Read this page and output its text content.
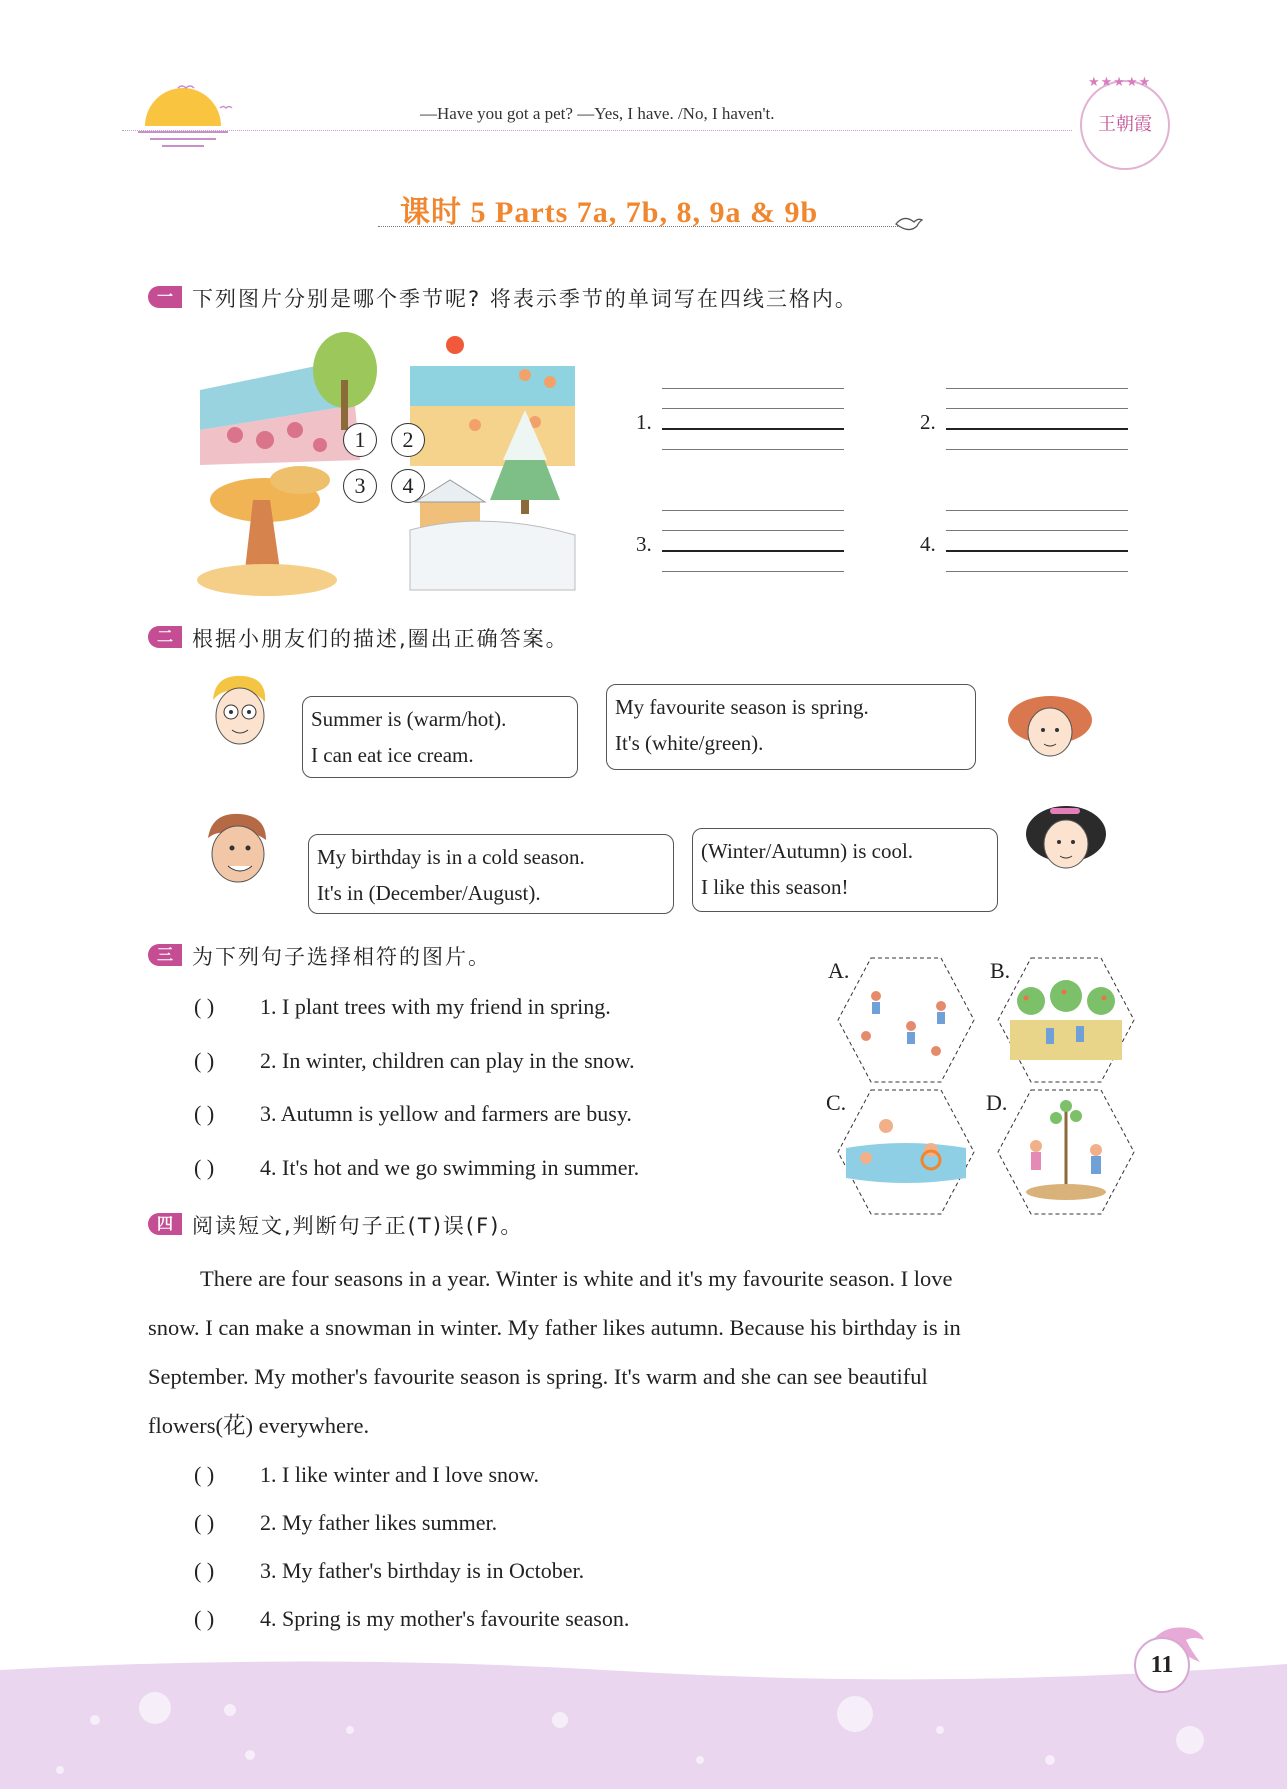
—Have you got a pet? —Yes, I have. /No, I haven't.
★★★★★
王朝霞
课时 5 Parts 7a, 7b, 8, 9a & 9b
一 下列图片分别是哪个季节呢? 将表示季节的单词写在四线三格内。
1	2
3	4
1.	2.
3.	4.
二 根据小朋友们的描述,圈出正确答案。
Summer is (warm/hot).
I can eat ice cream.
My favourite season is spring.
It's (white/green).
My birthday is in a cold season.
It's in (December/August).
(Winter/Autumn) is cool.
I like this season!
三 为下列句子选择相符的图片。
( ) 1. I plant trees with my friend in spring.
( ) 2. In winter, children can play in the snow.
( ) 3. Autumn is yellow and farmers are busy.
( ) 4. It's hot and we go swimming in summer.
A.	B.
C.	D.
四 阅读短文,判断句子正(T)误(F)。
There are four seasons in a year. Winter is white and it's my favourite season. I love
snow. I can make a snowman in winter. My father likes autumn. Because his birthday is in
September. My mother's favourite season is spring. It's warm and she can see beautiful
flowers(花) everywhere.
( ) 1. I like winter and I love snow.
( ) 2. My father likes summer.
( ) 3. My father's birthday is in October.
( ) 4. Spring is my mother's favourite season.
11
